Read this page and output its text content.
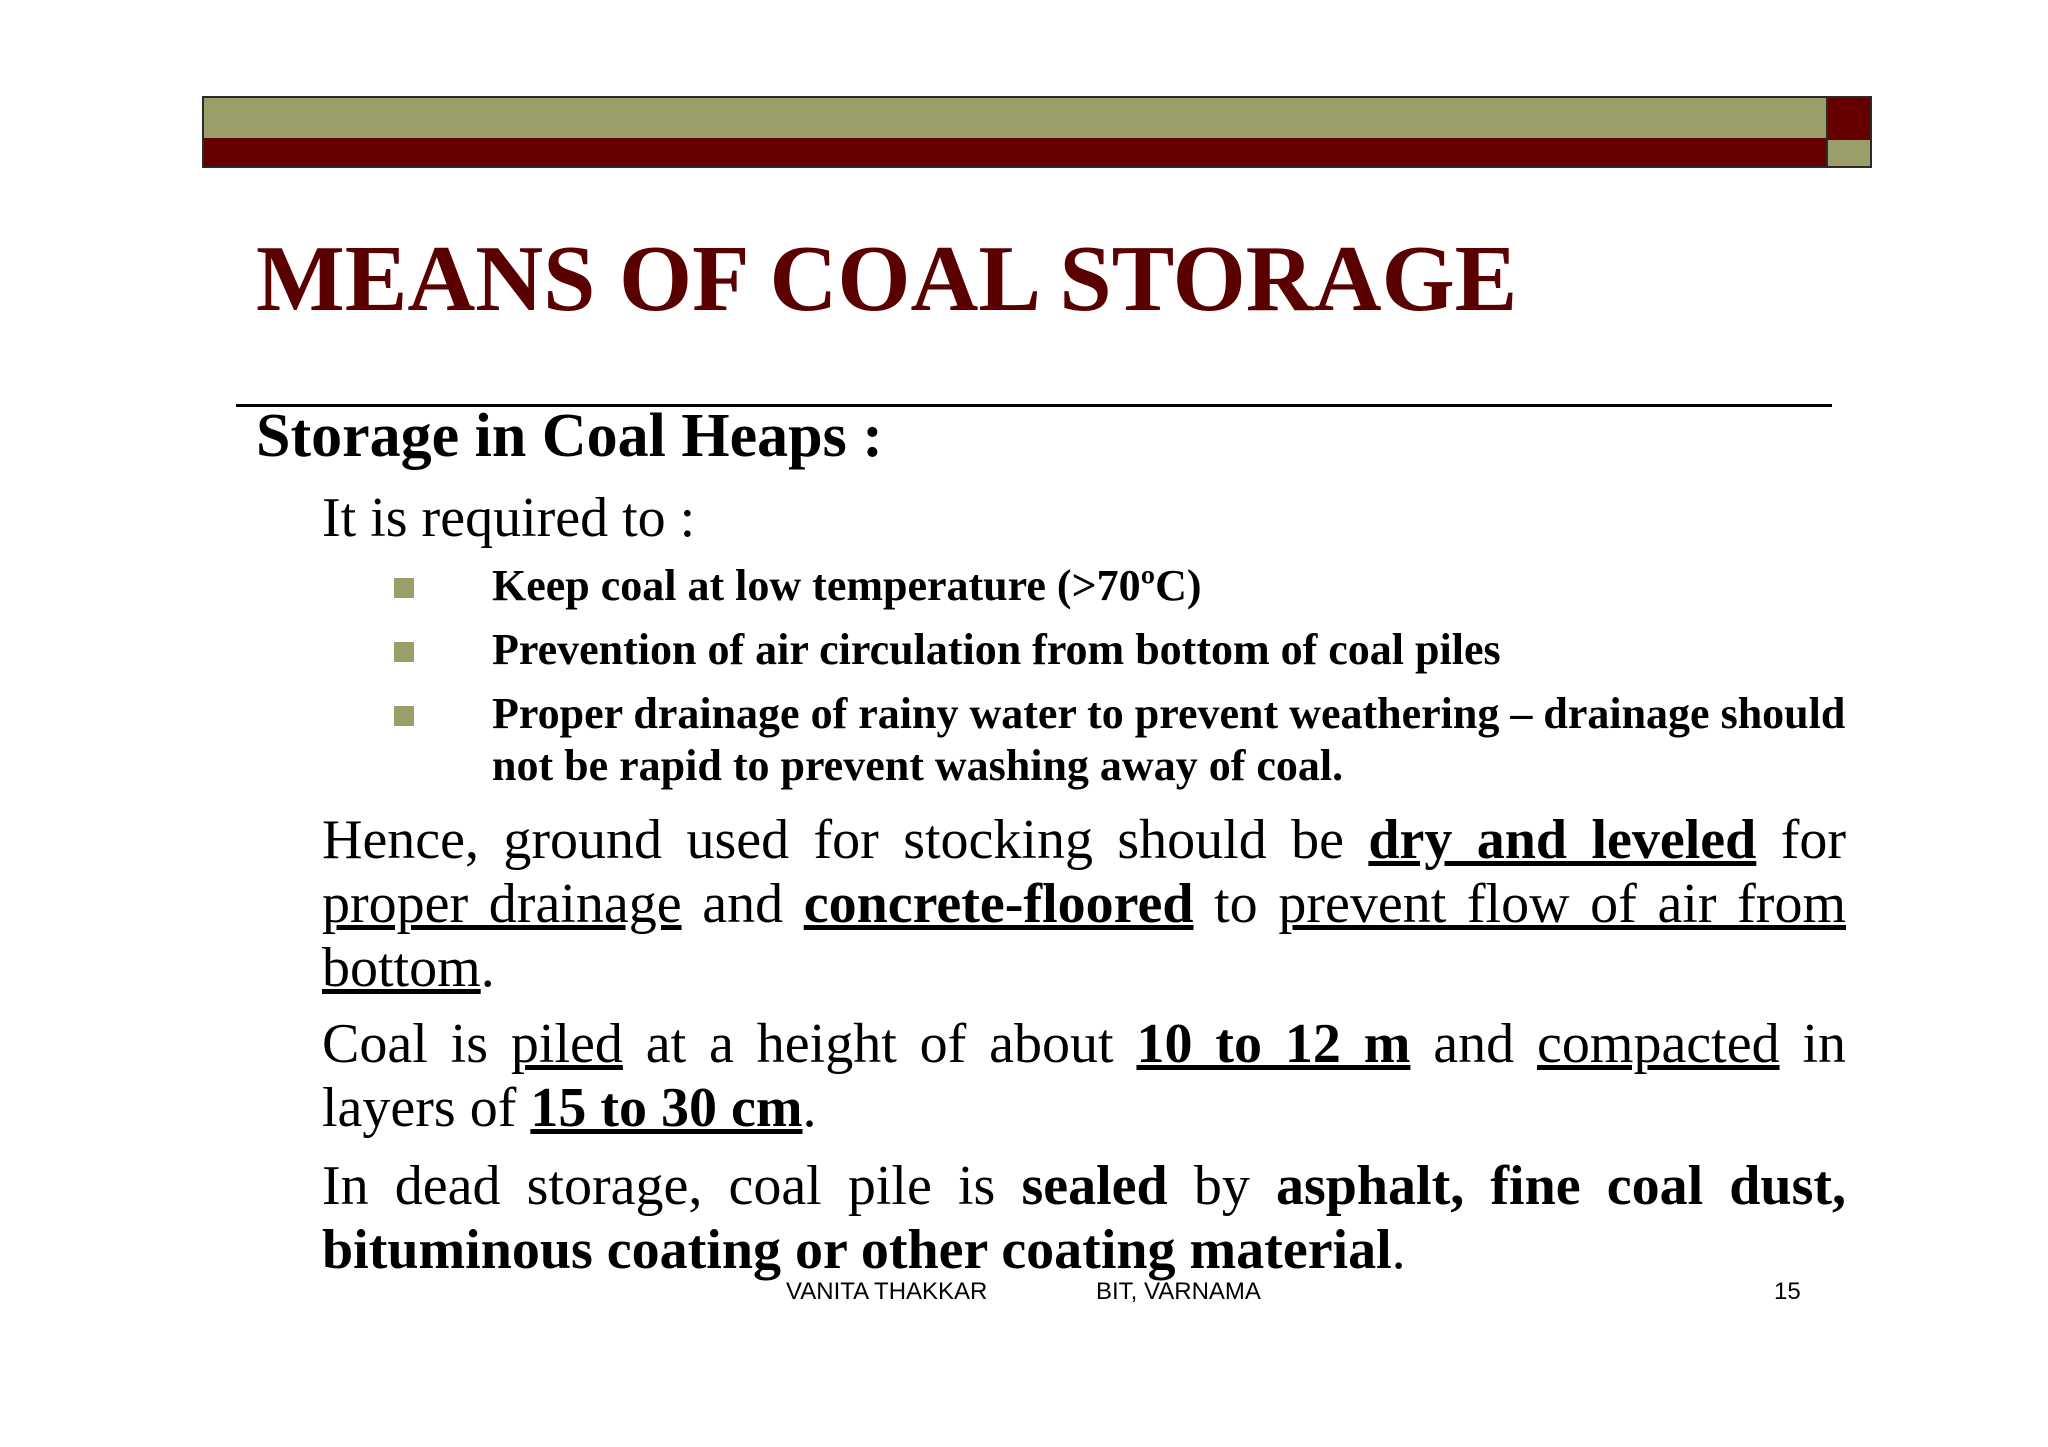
MEANS OF COAL STORAGE
Storage in Coal Heaps :
It is required to :
Keep coal at low temperature (>70ºC)
Prevention of air circulation from bottom of coal piles
Proper drainage of rainy water to prevent weathering – drainage should not be rapid to prevent washing away of coal.

Hence, ground used for stocking should be dry and leveled for proper drainage and concrete-floored to prevent flow of air from bottom.

Coal is piled at a height of about 10 to 12 m and compacted in layers of 15 to 30 cm.

In dead storage, coal pile is sealed by asphalt, fine coal dust, bituminous coating or other coating material.

VANITA THAKKAR	BIT, VARNAMA	15
